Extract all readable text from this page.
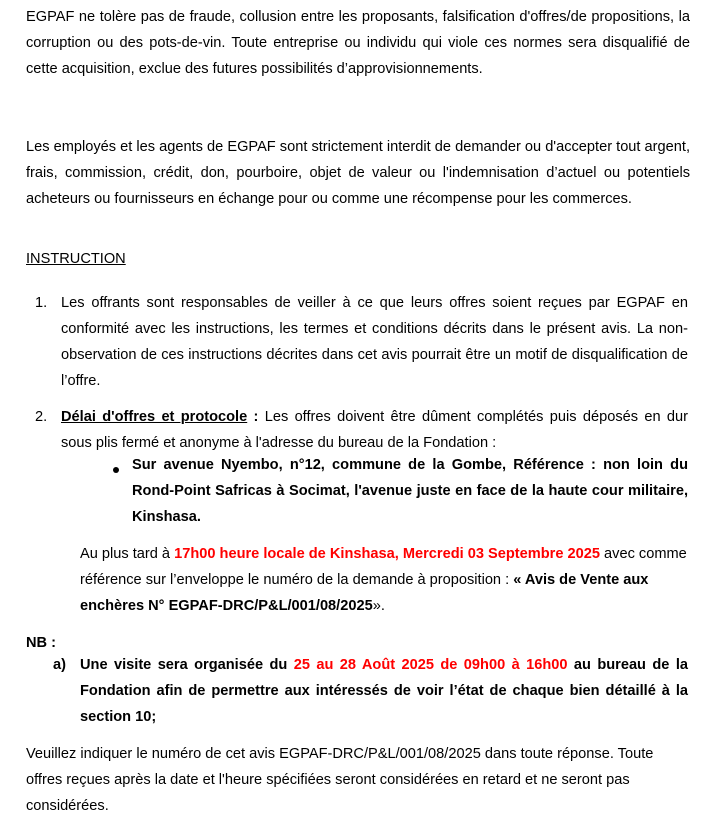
EGPAF ne tolère pas de fraude, collusion entre les proposants, falsification d'offres/de propositions, la corruption ou des pots-de-vin. Toute entreprise ou individu qui viole ces normes sera disqualifié de cette acquisition, exclue des futures possibilités d’approvisionnements.
Les employés et les agents de EGPAF sont strictement interdit de demander ou d'accepter tout argent, frais, commission, crédit, don, pourboire, objet de valeur ou l'indemnisation d’actuel ou potentiels acheteurs ou fournisseurs en échange pour ou comme une récompense pour les commerces.
INSTRUCTION
1. Les offrants sont responsables de veiller à ce que leurs offres soient reçues par EGPAF en conformité avec les instructions, les termes et conditions décrits dans le présent avis. La non-observation de ces instructions décrites dans cet avis pourrait être un motif de disqualification de l’offre.
2. Délai d'offres et protocole : Les offres doivent être dûment complétés puis déposés en dur sous plis fermé et anonyme à l'adresse du bureau de la Fondation :
Sur avenue Nyembo, n°12, commune de la Gombe, Référence : non loin du Rond-Point Safricas à Socimat, l'avenue juste en face de la haute cour militaire, Kinshasa.
Au plus tard à 17h00 heure locale de Kinshasa, Mercredi 03 Septembre 2025 avec comme référence sur l’enveloppe le numéro de la demande à proposition : « Avis de Vente aux enchères N° EGPAF-DRC/P&L/001/08/2025».
NB :
a) Une visite sera organisée du 25 au 28 Août 2025 de 09h00 à 16h00 au bureau de la Fondation afin de permettre aux intéressés de voir l’état de chaque bien détaillé à la section 10;
Veuillez indiquer le numéro de cet avis EGPAF-DRC/P&L/001/08/2025 dans toute réponse. Toute offres reçues après la date et l'heure spécifiées seront considérées en retard et ne seront pas considérées.
